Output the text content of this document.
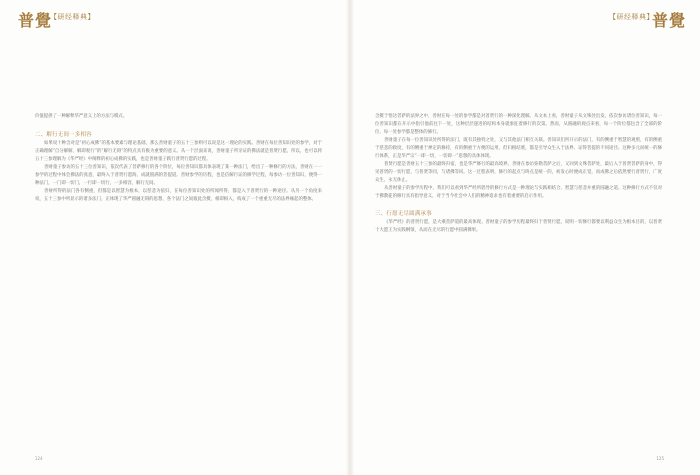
普覺
【研经释典】

价值提供了一种解释华严意义上的方法与模式。

二、解行无间一多相容

如果说十种含对是“初心成佛”的基本要素与理论基础，那么善财童子的五十三参则可以说是这一理论的实践。善财在每位善知识处的参学，对于正确理解“自分解解，解即观行”的“解行无碍”的特点具有极为重要的意义。从一个层面来说，善财童子所亲证的佛法就是普贤行愿，所以，也可以将五十三参理解为《华严经》中阐释的初心成佛的实践，也是善财童子践行普贤行愿的过程。

善财童子参访的五十三位善知识，依次代表了菩萨修行的各个阶位，每位善知识都具体表现了某一种法门，给出了一种修行的方法，善财在一一参学的过程中体会佛法的真意，最终入于普贤行愿海，成就圆满的菩提道。善财参学的历程，也是信解行证的修学过程，每参访一位善知识，便得一种法门，一门即一切门，一行即一切行，一多相容，解行无间。

善财所得的法门各有侧重，但都是以智慧为根本，以慈悲为依归，在每位善知识处的所闻所得，都是入于普贤行的一种途径。从另一个角度来说，五十三参中所显示的诸多法门，正体现了华严圆融无碍的思想，各个法门之间彼此含摄，相即相入，构成了一个重重无尽的法界缘起的整体。

124
【研经释典】
普覺

含摄于悟达菩萨的法界之中，善财在每一处的参学都是对普贤行的一种深化理解。从文本上看，善财童子从文殊处出发，依次参访诸位善知识，每一位善知识都在开示中指引他前往下一处，这种层层递进的结构本身就象征着修行的次第。然而，从圆融的观点来看，每一个阶位都包含了全部的阶位，每一处参学都是整体的修行。

善财童子在每一位善知识处所得的法门，既有其独特之处，又与其他法门相互关联。善知识们所开示的法门，有的侧重于智慧的观照，有的侧重于慈悲的救度，有的侧重于禅定的修持，有的侧重于方便的运用，但归根结底，都是引导众生入于法界、证得菩提的不同途径。这种多元而统一的修行体系，正是华严宗“一即一切，一切即一”思想的具体体现。

普贤行愿是善财五十三参的最终归宿，也是华严修行的最高境界。善财在参访弥勒菩萨之后，又回到文殊菩萨处，最后入于普贤菩萨的身中，得见普贤的一切行愿，与普贤等同，与诸佛等同。这一过程表明，修行的起点与终点是统一的，初发心时便成正觉，而成佛之后依然要行普贤行，广度众生，永无休止。

从善财童子的参学历程中，我们可以看到华严经所倡导的修行方式是一种理论与实践相结合、智慧与慈悲并重的圆融之道。这种修行方式不仅对于佛教徒的修行具有指导意义，对于当今社会中人们的精神追求也有着重要的启示作用。

三、行愿无尽圆满承事

《华严经》的普贤行愿，是大乘菩萨道的最高体现。善财童子的参学历程最终归于普贤行愿，说明一切修行都要以利益众生为根本目的，以普贤十大愿王为实践纲领，从而在无尽的行愿中圆满佛果。

125
